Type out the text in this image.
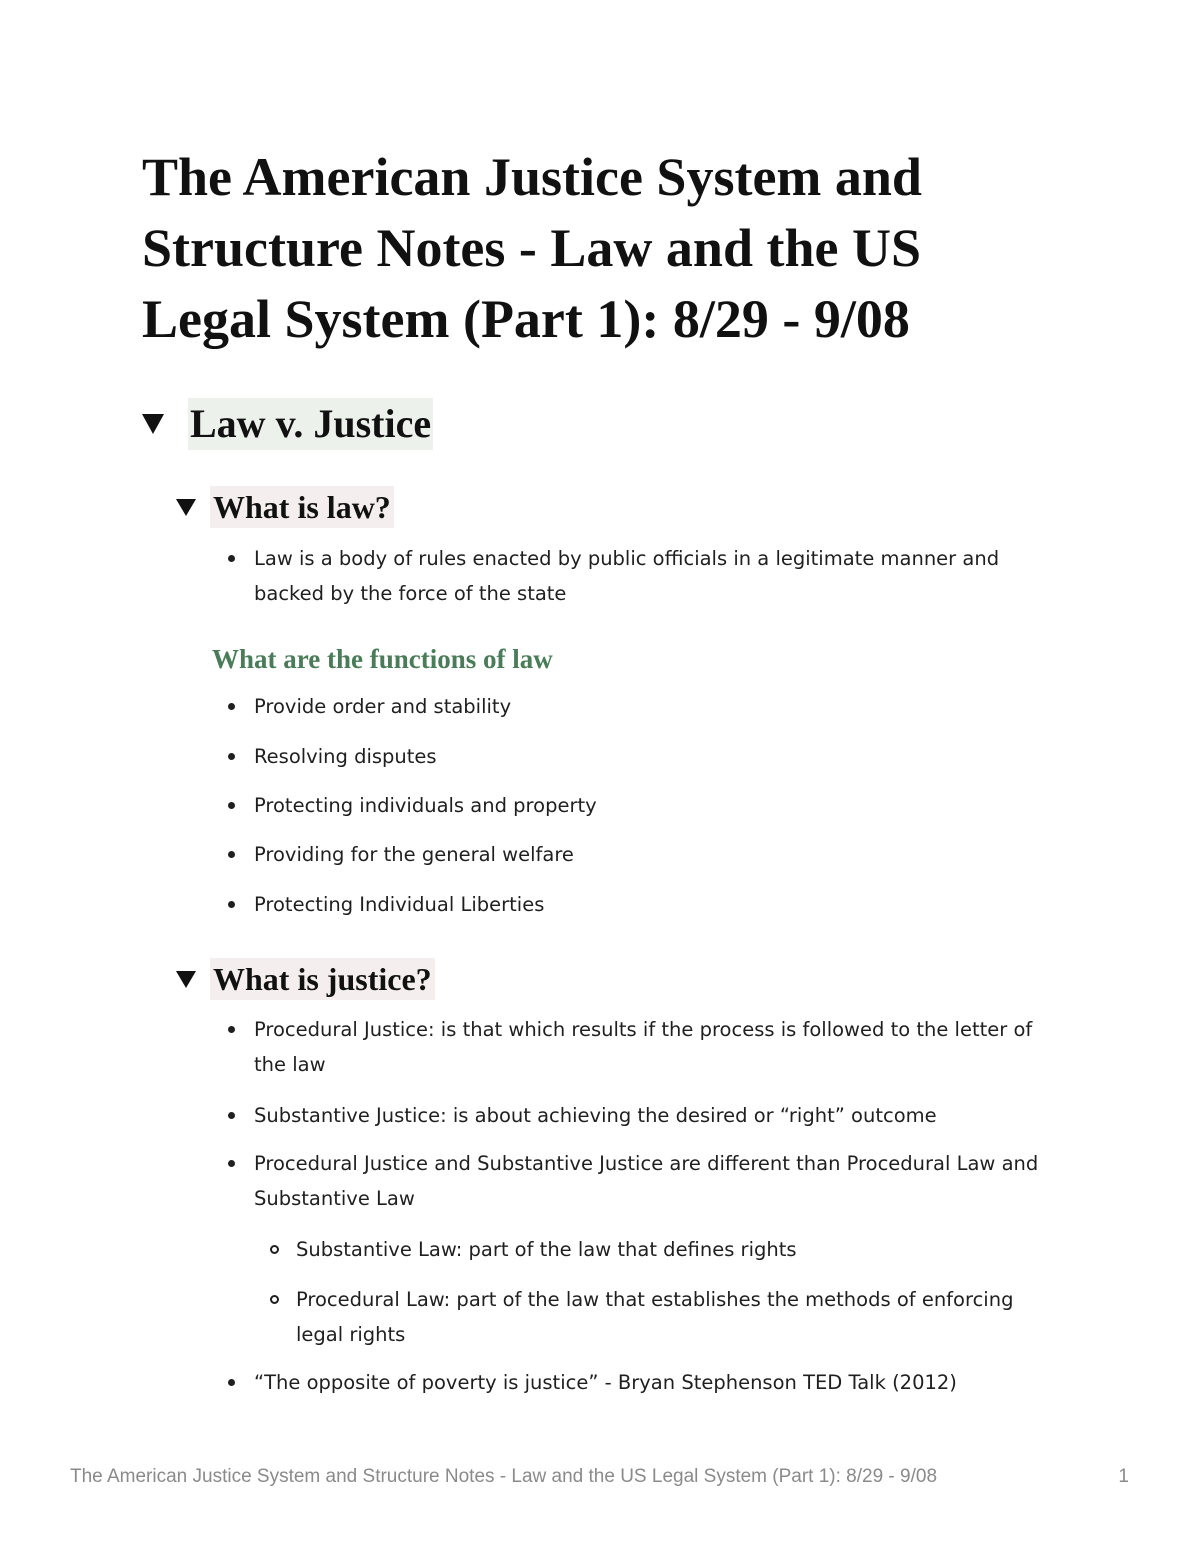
The American Justice System and Structure Notes - Law and the US Legal System (Part 1): 8/29 - 9/08
Law v. Justice
What is law?

Law is a body of rules enacted by public officials in a legitimate manner and backed by the force of the state

What are the functions of law

Provide order and stability

Resolving disputes

Protecting individuals and property

Providing for the general welfare

Protecting Individual Liberties

What is justice?

Procedural Justice: is that which results if the process is followed to the letter of the law

Substantive Justice: is about achieving the desired or “right” outcome

Procedural Justice and Substantive Justice are different than Procedural Law and Substantive Law

Substantive Law: part of the law that defines rights

Procedural Law: part of the law that establishes the methods of enforcing legal rights

“The opposite of poverty is justice” - Bryan Stephenson TED Talk (2012)

The American Justice System and Structure Notes - Law and the US Legal System (Part 1): 8/29 - 9/08	1
